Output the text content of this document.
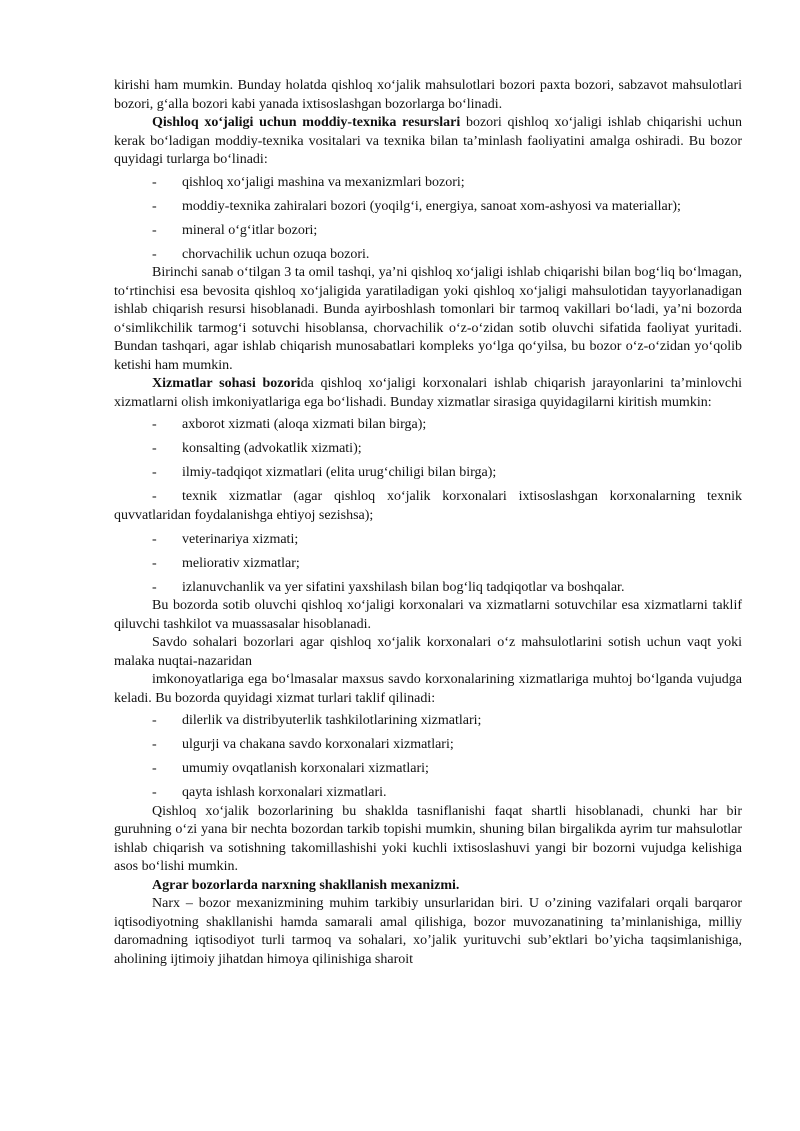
kirishi ham mumkin. Bunday holatda qishloq xo‘jalik mahsulotlari bozori paxta bozori, sabzavot mahsulotlari bozori, g‘alla bozori kabi yanada ixtisoslashgan bozorlarga bo‘linadi.

Qishloq xo‘jaligi uchun moddiy-texnika resurslari bozori qishloq xo‘jaligi ishlab chiqarishi uchun kerak bo‘ladigan moddiy-texnika vositalari va texnika bilan ta’minlash faoliyatini amalga oshiradi. Bu bozor quyidagi turlarga bo‘linadi:

- qishloq xo‘jaligi mashina va mexanizmlari bozori;

- moddiy-texnika zahiralari bozori (yoqilg‘i, energiya, sanoat xom-ashyosi va materiallar);

- mineral o‘g‘itlar bozori;

- chorvachilik uchun ozuqa bozori.

Birinchi sanab o‘tilgan 3 ta omil tashqi, ya’ni qishloq xo‘jaligi ishlab chiqarishi bilan bog‘liq bo‘lmagan, to‘rtinchisi esa bevosita qishloq xo‘jaligida yaratiladigan yoki qishloq xo‘jaligi mahsulotidan tayyorlanadigan ishlab chiqarish resursi hisoblanadi. Bunda ayirboshlash tomonlari bir tarmoq vakillari bo‘ladi, ya’ni bozorda o‘simlikchilik tarmog‘i sotuvchi hisoblansa, chorvachilik o‘z-o‘zidan sotib oluvchi sifatida faoliyat yuritadi. Bundan tashqari, agar ishlab chiqarish munosabatlari kompleks yo‘lga qo‘yilsa, bu bozor o‘z-o‘zidan yo‘qolib ketishi ham mumkin.

Xizmatlar sohasi bozorida qishloq xo‘jaligi korxonalari ishlab chiqarish jarayonlarini ta’minlovchi xizmatlarni olish imkoniyatlariga ega bo‘lishadi. Bunday xizmatlar sirasiga quyidagilarni kiritish mumkin:

- axborot xizmati (aloqa xizmati bilan birga);

- konsalting (advokatlik xizmati);

- ilmiy-tadqiqot xizmatlari (elita urug‘chiligi bilan birga);

- texnik xizmatlar (agar qishloq xo‘jalik korxonalari ixtisoslashgan korxonalarning texnik quvvatlaridan foydalanishga ehtiyoj sezishsa);

- veterinariya xizmati;

- meliorativ xizmatlar;

- izlanuvchanlik va yer sifatini yaxshilash bilan bog‘liq tadqiqotlar va boshqalar.

Bu bozorda sotib oluvchi qishloq xo‘jaligi korxonalari va xizmatlarni sotuvchilar esa xizmatlarni taklif qiluvchi tashkilot va muassasalar hisoblanadi.

Savdo sohalari bozorlari agar qishloq xo‘jalik korxonalari o‘z mahsulotlarini sotish uchun vaqt yoki malaka nuqtai-nazaridan

imkonoyatlariga ega bo‘lmasalar maxsus savdo korxonalarining xizmatlariga muhtoj bo‘lganda vujudga keladi. Bu bozorda quyidagi xizmat turlari taklif qilinadi:

- dilerlik va distribyuterlik tashkilotlarining xizmatlari;

- ulgurji va chakana savdo korxonalari xizmatlari;

- umumiy ovqatlanish korxonalari xizmatlari;

- qayta ishlash korxonalari xizmatlari.

Qishloq xo‘jalik bozorlarining bu shaklda tasniflanishi faqat shartli hisoblanadi, chunki har bir guruhning o‘zi yana bir nechta bozordan tarkib topishi mumkin, shuning bilan birgalikda ayrim tur mahsulotlar ishlab chiqarish va sotishning takomillashishi yoki kuchli ixtisoslashuvi yangi bir bozorni vujudga kelishiga asos bo‘lishi mumkin.

Agrar bozorlarda narxning shakllanish mexanizmi.

Narx – bozor mexanizmining muhim tarkibiy unsurlaridan biri. U o’zining vazifalari orqali barqaror iqtisodiyotning shakllanishi hamda samarali amal qilishiga, bozor muvozanatining ta’minlanishiga, milliy daromadning iqtisodiyot turli tarmoq va sohalari, xo’jalik yurituvchi sub’ektlari bo’yicha taqsimlanishiga, aholining ijtimoiy jihatdan himoya qilinishiga sharoit
